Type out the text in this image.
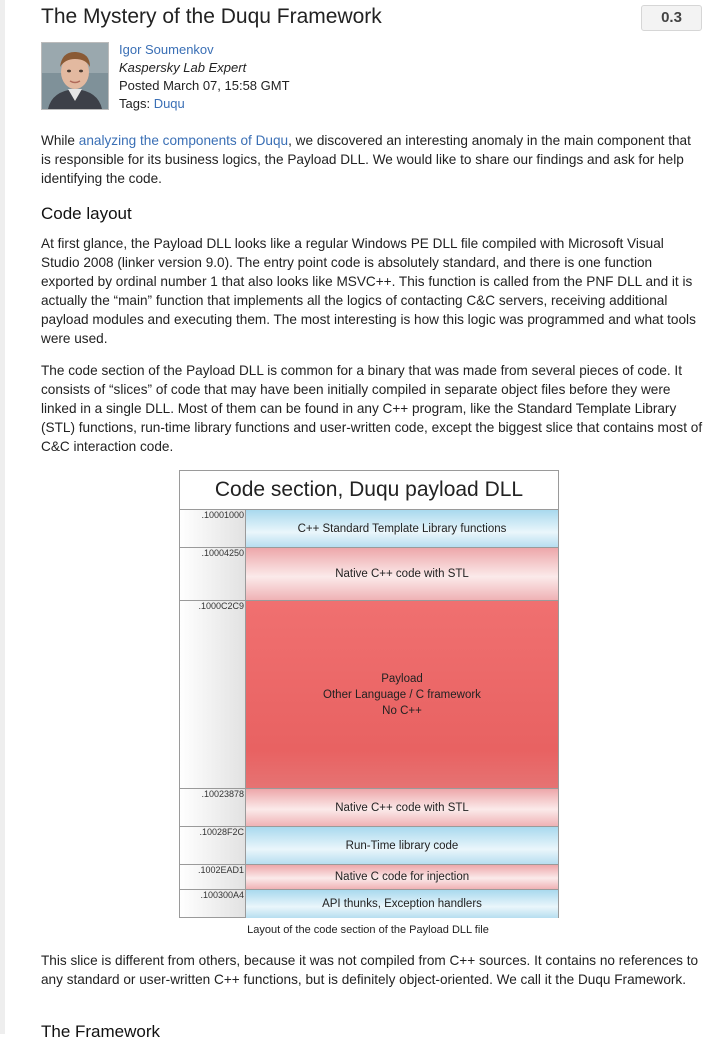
The Mystery of the Duqu Framework	0.3
Igor Soumenkov
Kaspersky Lab Expert
Posted March 07, 15:58 GMT
Tags: Duqu

While analyzing the components of Duqu, we discovered an interesting anomaly in the main component that is responsible for its business logics, the Payload DLL. We would like to share our findings and ask for help identifying the code.

Code layout

At first glance, the Payload DLL looks like a regular Windows PE DLL file compiled with Microsoft Visual Studio 2008 (linker version 9.0). The entry point code is absolutely standard, and there is one function exported by ordinal number 1 that also looks like MSVC++. This function is called from the PNF DLL and it is actually the “main” function that implements all the logics of contacting C&C servers, receiving additional payload modules and executing them. The most interesting is how this logic was programmed and what tools were used.

The code section of the Payload DLL is common for a binary that was made from several pieces of code. It consists of “slices” of code that may have been initially compiled in separate object files before they were linked in a single DLL. Most of them can be found in any C++ program, like the Standard Template Library (STL) functions, run-time library functions and user-written code, except the biggest slice that contains most of C&C interaction code.

Code section, Duqu payload DLL
.10001000
C++ Standard Template Library functions
.10004250
Native C++ code with STL
.1000C2C9
Payload
Other Language / C framework
No C++
.10023878
Native C++ code with STL
.10028F2C
Run-Time library code
.1002EAD1
Native C code for injection
.100300A4
API thunks, Exception handlers
Layout of the code section of the Payload DLL file

This slice is different from others, because it was not compiled from C++ sources. It contains no references to any standard or user-written C++ functions, but is definitely object-oriented. We call it the Duqu Framework.

The Framework
